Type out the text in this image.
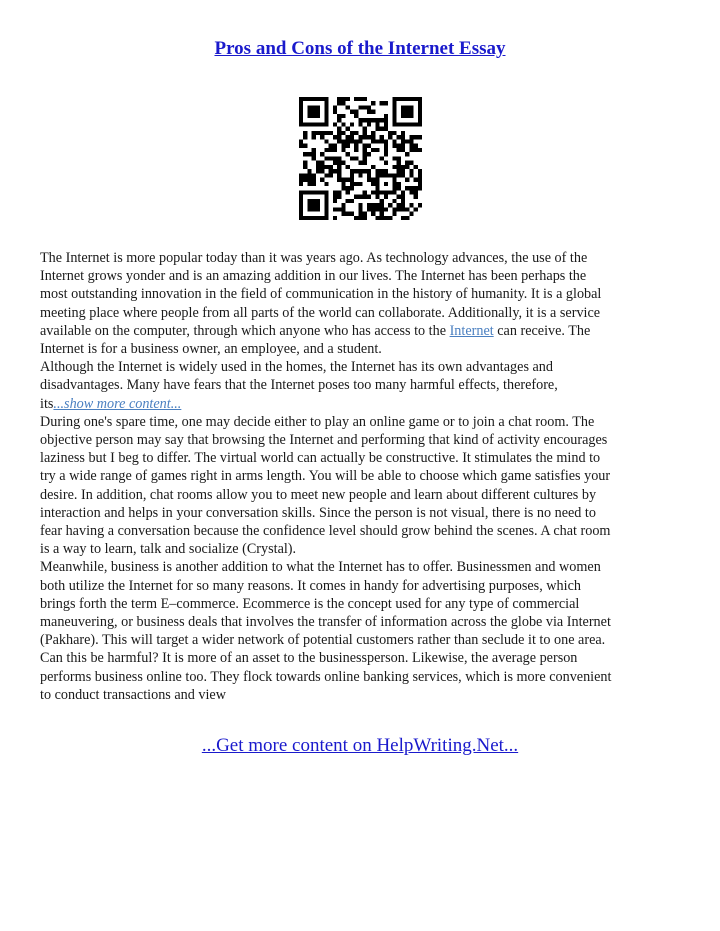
Pros and Cons of the Internet Essay
The Internet is more popular today than it was years ago. As technology advances, the use of the
Internet grows yonder and is an amazing addition in our lives. The Internet has been perhaps the
most outstanding innovation in the field of communication in the history of humanity. It is a global
meeting place where people from all parts of the world can collaborate. Additionally, it is a service
available on the computer, through which anyone who has access to the Internet can receive. The
Internet is for a business owner, an employee, and a student.
Although the Internet is widely used in the homes, the Internet has its own advantages and
disadvantages. Many have fears that the Internet poses too many harmful effects, therefore,
its...show more content...
During one's spare time, one may decide either to play an online game or to join a chat room. The
objective person may say that browsing the Internet and performing that kind of activity encourages
laziness but I beg to differ. The virtual world can actually be constructive. It stimulates the mind to
try a wide range of games right in arms length. You will be able to choose which game satisfies your
desire. In addition, chat rooms allow you to meet new people and learn about different cultures by
interaction and helps in your conversation skills. Since the person is not visual, there is no need to
fear having a conversation because the confidence level should grow behind the scenes. A chat room
is a way to learn, talk and socialize (Crystal).
Meanwhile, business is another addition to what the Internet has to offer. Businessmen and women
both utilize the Internet for so many reasons. It comes in handy for advertising purposes, which
brings forth the term E–commerce. Ecommerce is the concept used for any type of commercial
maneuvering, or business deals that involves the transfer of information across the globe via Internet
(Pakhare). This will target a wider network of potential customers rather than seclude it to one area.
Can this be harmful? It is more of an asset to the businessperson. Likewise, the average person
performs business online too. They flock towards online banking services, which is more convenient
to conduct transactions and view
...Get more content on HelpWriting.Net...
